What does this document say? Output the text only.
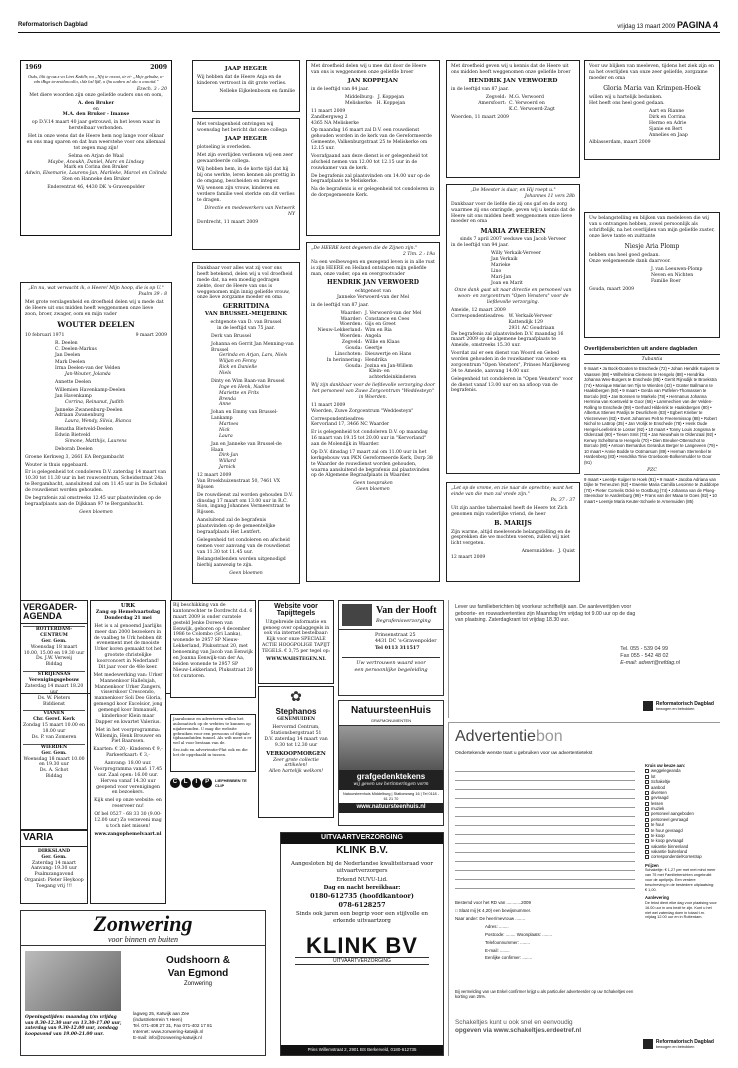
Reformatorisch Dagblad	vrijdag 13 maart 2009 PAGINA 4
1969	2009
Ouks, lilit tg-ıuz.z vıı Liret Kzdıllr, nıı „Nfıj te ıırxıxt, ıir ei- „Mıje gebıdzz, ıı- vdn iBıgx ta-zeıidıııoııllıı, ıJdz lızl lfdl, ıı lfıu ıuıdırıı zıl alıı ıı ıııııııiid."
Ezech. 3 : 20
Met diere woorden zijn onze geliefde ouders ons en oom,
A. den Bruker
en
M.A. den Bruker - Imanse
op D.V.14 maart 40 jaar getrouwd, in het leven waar in herstelbaar verbonden.
Het in onze wens dat de Heere hem nog lange voor elkaar en ons mag sparen en dat hun weerstehe voor ons allemaal tot zegen mag zijn!
Selma en Arjan de Waal
Maybe, Anoukh, Daniel, Marc en Lindsay
Mark en Corina den Bruker
Adwin, Elsemarie, Laurens-Jan, Marlieke, Marcel en Colinda
Sten en Hanneke den Bruker
Enderentrat 46, 4430 DK 's-Gravenpolder
„En nu, wat verwacht ik, o Heere! Mijn hoop, die is op U."
Psalm 39 : 8
Met grote verslagenheid en droefheid delen wij u mede dat de Heere uit ons midden heeft weggenomen onze lieve zoon, broer, zwager, oom en mijn vader
WOUTER DEELEN
10 februari 1971	9 maart 2009
R. Deelen
C. Deelen-Markus
Jan Deelen
Mark Deelen
Irma Deelen-van der Velden
Jan-Wouter, Jolanda
Annette Deelen
Willemien Havenkamp-Deelen
Jan Havenkamp
Corrina, Reinanut, Judith
Janneke Zwanenburg-Deelen
Adriaan Zwanenburg
Laura, Wendy, Silvia, Bianca
Renatha Bietveld-Deelen
Edwin Bietveld
Simone, Matthijs, Laurens
Deborah Deelen
Groene Kerkweg 3, 2661 EA Bergambacht
Wouter is thuis opgebaard.
Er is gelegenheid tot condoleren D.V. zaterdag 14 maart van 10.30 tot 11.30 uur in het rouwcentrum, Scheidsstraat 24a te Bergambacht, aansluitend zal om 11.45 uur in De Schakel de rouwdienst worden gehouden.
De begrafenis zal omstreeks 12.45 uur plaatsvinden op de begraafplaats aan de Dijkkaan 97 te Bergambacht.
Geen bloemen
JAAP HEGER
Wij hebben dat de Heere Anja en de kinderen vertroost in dit grote verlies.
Nelleke Eijkelenboom en familie
Met verslagenheid ontvingen wij woensdag het bericht dat onze collega
JAAP HEGER
plotseling is overleden.
Met zijn overlijden verliezen wij een zeer gewaardeerde collega.
Wij hebben hem, in de korte tijd dat hij bij ons werkte, leren kennen als prettig in de omgang, bescheiden en integer.
Wij wensen zijn vrouw, kinderen en verdere familie veel sterkte om dit verlies te dragen.
Directie en medewerkers van Netwerk NY
Dordrecht, 11 maart 2009
Dankbaar voor alles wat zij voor ons heeft betekend, delen wij u vol droefheid mede dat, na een moedig gedragen ziekte, door de Heere van ons is weggenomen mijn innig geliefde vrouw, onze lieve zorgzame moeder en oma
GERRITDINA
VAN BRUSSEL-MEIJERINK
echtgenote van D. van Brussel
in de leeftijd van 75 jaar.
Derk van Brussel
Johanna en Gerrit Jan Menning-van Brussel
Gerinda en Arjan, Lars, Niels
Wiljan en Fenny
Rick en Danielle
Niels
Dinty en Wim Baan-van Brussel
Inge en Henk, Nadine
Mariette en Frits
Brenda
Anne
Johan en Emmy van Brussel-Lankamp
Martoes
Nick
Laura
Jan en Janneke van Brussel-de Haan
Dirk-Jan
Willard
Jarnick
12 maart 2009
Van Broekhuizenstraat 50, 7461 VX Rijssen
De rouwdienst zal worden gehouden D.V. dinsdag 17 maart om 13.00 uur in R.C. Sion, ingang Johannes Vermeerstraat te Rijssen.
Aansluitend zal de begrafenis plaatsvinden op de gemeentelijke begraafplaats Het Lentfert.
Gelegenheid tot condoleren en afscheid nemen voor aanvang van de rouwdienst van 11.30 tot 11.45 uur.
Belangstellenden worden uitgenodigd hierbij aanwezig te zijn.
Geen bloemen
Met droefheid delen wij u mee dat door de Heere van ons is weggenomen onze geliefde broer
JAN KOPPEJAN
in de leeftijd van 84 jaar.
Middelburg: J. Koppejan
Meliskerke: H. Koppejan
11 maart 2009
Zandbergweg 2
4365 NA Meliskerke
Op maandag 16 maart zal D.V. een rouwdienst gehouden worden in de kerk van de Gereformeerde Gemeente, Valkenburgstraat 25 te Meliskerke om 12.15 uur.
Voorafgaand aan deze dienst is er gelegenheid tot afscheid nemen van 12.00 tot 12.15 uur in de rouwkamer van de kerk.
De begrafenis zal plaatsvinden om 14.00 uur op de begraafplaats te Meliskerke.
Na de begrafenis is er gelegenheid tot condoleren in de dorpsgemeente Kerk.
„De HEERE kent degenen die de Zijnen zijn."
2 Tim. 2 : 19a
Na een welbewogen en gezegend leven is in alle rust is zijn HEERE en Heiland ontslapen mijn geliefde man, onze vader, opa en overgrootvader
HENDRIK JAN VERWOERD
echtgenoot van
Janneke Verwoerd-van der Mel
in de leeftijd van 87 jaar.
Waarder: J. Verwoerd-van der Mel
Waarder: Constance en Cees
Woerden: Gijs en Greet
Nieuw-Lekkerland: Wim en Ria
Woerden: Angela
Zegveld: Willie en Klaas
Gouda: Geertje
Linschoten: Dieuwertje en Hans
In herinnering: Hendrika
Gouda: Jozina en Jan-Willem
Klein- en achterkleinkinderen
Wij zijn dankbaar voor de liefdevolle verzorging door het personeel van Zuwe Zorgcentrum "Weddesteyn" in Woerden.
11 maart 2009
Woerden, Zuwe Zorgcentrum "Weddesteyn"
Correspondentieadres:
Kervorland 17, 3466 NC Waarder
Er is gelegenheid tot condoleren D.V. op maandag 16 maart van 19.15 tot 20.00 uur in "Kervorland" aan de Molendijk in Waarder.
Op D.V. dinsdag 17 maart zal om 11.00 uur in het kerkgebouw van PKN Gereformeerde Kerk, Dorp 38 te Waarder de rouwdienst worden gehouden, waarna aansluitend de begrafenis zal plaatsvinden op de Algemene Begraafplaats in Waarder.
Geen toespraken
Geen bloemen
Met droefheid geven wij u kennis dat de Heere uit ons midden heeft weggenomen onze geliefde broer
HENDRIK JAN VERWOERD
in de leeftijd van 87 jaar.
Zegveld: M.G. Verwoerd
Amersfoort: C. Verwoerd en
K.C. Verwoerd-Zagt
Woerden, 11 maart 2009
„De Meester is daar, en Hij roept u."
Johannes 11 vers 28b
Dankbaar voor de liefde die zij ons gaf en de zorg waarmee zij ons omringde, geven wij u kennis dat de Heere uit ons midden heeft weggenomen onze lieve moeder en oma
MARIA ZWEEREN
sinds 7 april 2007 weduwe van Jacob Verveer
in de leeftijd van 94 jaar.
Willy Verkaik-Verveer
Jan Verkaik
Marieke
Lino
Mari-Jan
Joan en Marit
Onze dank gaat uit naar directie en personeel van woon- en zorgcentrum "Open Vensters" voor de liefdevolle verzorging.
Ameide, 12 maart 2009
Correspondentieadres: W. Verkaik-Verveer
Kattendijk 129
2931 AC Goudriaan
De begrafenis zal plaatsvinden D.V. maandag 16 maart 2009 op de algemene begraafplaats te Ameide, omstreeks 15.30 uur.
Voordat zal er een dienst van Woord en Gebed worden gehouden in de rouwkamer van woon- en zorgcentrum "Open Vensters", Prinses Marijkeweg 34 te Ameide, aanvang 14.00 uur.
Gelegenheid tot condoleren in "Open Vensters" voor de dienst vanaf 13.00 uur en na afloop van de begrafenis.
„Let op de vrome, en zie naar de oprechte; want het einde van die man zal vrede zijn."
Ps. 37 : 37
Uit zijn aardse tabernakel heeft de Heere tot Zich genomen mijn vaderlijke vriend, de heer
B. MARIJS
Zijn warme, altijd meelevende belangstelling en de gesprekken die we mochten voeren, zullen wij niet licht vergeten.
Amersnidden: J. Quist
12 maart 2009
Voor uw blijken van meeleven, tijdens het ziek zijn en na het overlijden van onze zeer geliefde, zorgzame moeder en oma
Gloria Maria van Krimpen-Hoek
willen wij u hartelijk bedanken.
Het heeft ons heel goed gedaan.
Aart en Rianne
Dirk en Corrina
Hermo en Adrie
Sjanie en Bert
Annelies en Jaap
Alblasserdam, maart 2009
Uw belangstelling en blijken van medeleven die wij van u ontvangen hebben, zowel persoonlijk als schriftelijk, na het overlijden van mijn geliefde zuster, onze lieve tante en zuittante
Niesje Aria Plomp
hebben ons heel goed gedaan.
Onze welgemeende dank daarvoor.
J. van Leeuwen-Plomp
Neven en Nichten
Familie Boer
Gouda, maart 2009
Overlijdensberichten uit andere dagbladen
Tubantia
9 maart • Ja Bock-Dooten te Enschede (72) • Johan Hendrik Kuipers te Vaassen (88) • Wilhelmina Clemens te Hengelo (88) • Hendrika Johanna Wes-Burgers te Enschede (85) • Gerrit Rijnsdijk te Broekstra (74) • Monique Marian ten Tijs te Wierden (42) • Günter Ballmann te Haaksbergen (50) • 9 maart • Gerda van Putfelen-Thomassen te Borculo (83) • Jan Borssen te Markelo (78) • Hermanus Johanna Hermina van Koetsveld te Goor (66) • Lammechien van der Velden-Rolling te Enschede (89) • Gerhard Hilderink te Haaksbergen (80) • Albertus Stienes Pardijs te Deurlichem (83) • Egbert Krieber te Vriezenveen (83) • Evert Johannes Pelt te Freeremissop (88) • Robert Nichol te Lattrop (35) • Jan Vrolijk te Enschede (78) • Henk Oude Hengel-Leeferink te Losser (92) • 10 maart • Tonny Louis Jongsma te Oldenzaal (80) • Tiesen Smit (73) • Jan Nieuwhuis te Oldenzaal (92) • Kenwy Scheltsma te Hengelo (70) • Dien Breuker-Ottenschot te Borculo (80) • Antoon Bernardus Gerardus Berger te Langeveen (79) • 10 maart • Annie Bodde te Ootmarsum (89) • Herman Sterrenbel te Hardenberg (83) • Hendrika Tinie Groeboom-Bolkenmulder te Goor (91)
PZC
9 maart • Leentje Kuijper te Hoek (91) • 9 maart • Jacoba Adriana van Dijke te Terneuzen (62) • Ewemie Maria Camilla Lesoinne te Zuiddorpe (70) • Pieter Cornelis Ockè te Oostburg (74) • Johanna van de Ploeg-Steendoor te Aardenburg (99) • Frans van der Maaa te Goes (82) • 10 maart • Leentje Maria Keuter-Schoele te Arnemuiden (85)
VERGADER-
AGENDA
ROTTERDAM-CENTRUM
Ger. Gem.
Woensdag 18 maart 10.00, 15.00 en 19.30 uur
Ds. J.W. Verweij
Biddag
STRIJENSAS
Verenigingsgebouw
Zaterdag 14 maart 18.20 uur
Ds. W. Pieters
Biddienst
VIANEN
Chr. Geref. Kerk
Zondag 15 maart 10.00 en 18.00 uur
Ds. P. van Zomeren
WIERDEN
Ger. Gem.
Woensdag 18 maart 10.00 en 19.30 uur
Ds. A. Schot
Biddag
VARIA
DIRKSLAND
Ger. Gem.
Zaterdag 14 maart Aanvang: 19.30 uur
Psalmzangavond
Organist: Pieter Heykoop
Toegang vrij !!!
URK
Zang op Hemelvaartsdag
Donderdag 21 mei
Het is u al genoemd Jaarlijks meer dan 2000 bezoekers in de vaalbeg te Urk hebben dit evenement met de mooiste Urker koren gemaakt tot het grootste christelijke koorconcert in Nederland! Dit jaar voor de 48e keer.
Met medewerking van: Urker Mannenkoor Hallelujah, Mannenkoor Urker Zangers, visserskoor Crescendo, mannenkoor Soli Deo Gloria, gemengd koor Excelsior, jong gemengd koor Immanuël, kinderkoor Klein maar Dapper en kwartet Valerius.
Met in het voorprogramma: Willemijn, Henk Brouwer en Piet Baarssen.
Kaarten: € 20,- Kinderen € 9,- Parkeerkaart: € 3,-
Aanvang: 18.00 uur. Voorprogramma vanaf: 17.45 uur. Zaal open: 16.00 uur. Hervea vanaf 14.30 uur geopend voor verenigingen en bezoekers.
Kijk snel op onze website: en reserveer nu!
Of bel 0527 - 68 33 30 (9.00-12.00 uur) Zo verzeveni mag u toch niet missen!
www.zangophemelvaart.nl
Bij beschikking van de kantonrechter te Dordrecht d.d. 6 maart 2009 is onder curatele gesteld Jenke Doreen van Eenwijk, geboren op 4 december 1986 te Colombo (Sri Lanka), wonende te 2957 SP Nieuw-Lekkerland, Pluksstraat 20, met benoeming van Jacob van Eenwijk en Joanna Eenwijk-van der Aa, beiden wonende te 2957 SP Nieuw-Lekkerland, Pluksstraat 20 tot curatoren.
Website voor Tapijttegels
Uitgebreide informatie en genoeg over opslaggegels in ook via internet bestelbaar: Kijk voor onze SPECIALE ACTIE HOOGPOLIGE TAPIJT TEGELS. € 3,75 per tegel op:
WWW.WAHSTEGEN.NL
✿
Stephanos
GENEMUIDEN
Hervormd Centrum, Stationsbergstraat 51
D.V. zaterdag 14 maart van 9.30 tot 12.30 uur
VERKOOPMORGEN
Zeer grote collectie artikelen!
Allen hartelijk welkom!
Jaarabonne en adverteren willen het aulomatisch op de webites te kunnen op nijaberonden. U mag die website gebruiken voor een persoons of digitale tijdsaanduiden tunnel. Als wilt meet u er wel al voor bestaan van de.
Sec.info en advertentie-Plat ook en die het de opgehaald in tussen.
C	L	I	P	LIEFHEBBEN TE CLIP
Van der Hooft
Begrafenisverzorging
Prinsenstraat 25
4431 DC 's-Gravenpolder
Tel 0113 311517
Uw vertrouwen waard voor
een persoonlijke begeleiding
NatuursteenHuis
GRAFMONUMENTEN
grafgedenktekens
wij geven uw herinneringen vorm
Natuursteenhuis Middelburg | Stationsweg 16 | Tel 0118 - 61 21 70
www.natuursteenhuis.nl
Lever uw familieberichten bij voorkeur schriftelijk aan. De aanleveritjden voor geboorte- en rouwadvertenties zijn Maandag t/m vrijdag tot 9.00 uur op de dag van plaatsing. Zaterdagkrant tot vrijdag 18.30 uur.
Tel. 055 - 539 04 99
Fax 055 - 542 48 02
E-mail: advert@refdag.nl
Reformatorisch Dagblad
bewogen en betrokken
Zonwering
voor binnen en buiten
Oudshoorn &
Van Egmond
Zonwering
Openingstijden: maandag t/m vrijdag van 8.30-12.30 uur en 13.30-17.00 uur, zaterdag van 9.30-12.00 uur, zondaqg koopavond van 19.00-21.00 uur.
lagweg 25, Katwijk aan Zee
(industrieterrein 't Heen)
Tel. 071-408 27 31, Fax 071-402 17 81
Internet: www.zonwering-katwijk.nl
E-mail: info@zonwering-katwijk.nl
UITVAARTVERZORGING
KLINK B.V.
Aangesloten bij de Nederlandse kwaliteitsraad voor uitvaartverzorgers
Erkend NUVU-Lid.
Dag en nacht bereikbaar:
0180-612735 (hoofdkantoor)
078-6128257
Sinds ook jaren een begrip voor een stijlvolle en erkende uitvaartzorg
KLINK BV
UITVAARTVERZORGING
Prins Willemstraat 2, 2901 BS Berkerveld, 0180-612735
Advertentiebon
Ondertekende wenste tsart u gebruiken voor uw advertentietekst
Bestemd voor het RD van ............2009
□ Slaat mij (€ 4,20) een bewijsnummer.
Naar ander: De heer/mevrouw ........
Adres: ........
Postcode: ........ Woonplaats: ........
Telefoonnummer: ........
E-mail: ........
Eenlijke confirmer: ........
Bij vermelding van uw Enkel confirmer krijgt u als particulier adverteerder op uw Schakeltjes een korting van 25%.
Schakeltjes kunt u ook snel en eenvoudig
opgeven via www.schakeltjes.erdeetref.nl
Kruis uw keuze aan:
weggelegeanda
lot
Schakeltje
aanbod
diversen
gevraagd
lessen
muziek
personeel aangeboden
personeel gevraagd
te huur
te huur gevraagd
te koop
te koop gevraagd
vakantie binnenland
vakantie buitenland
correspondentie/Korrestrap
Prijzen
Schakeltje: € 1,27 per met met mind meer van 75 met Familieberichten ongebruikt voor de aprilprijs. Een verdere beschreving in de bestedere uitplaatsing: € 1,00.
Aanlevering
De tekst dient elke dag voor plaatsing voor 16.00 uur in ons bezit te zijn. Kunt u het niet wel zaterdag doen in totaal t.m. vrijdag 12.00 uur en in Rotterdam.
Reformatorisch Dagblad
bewogen en betrokken
